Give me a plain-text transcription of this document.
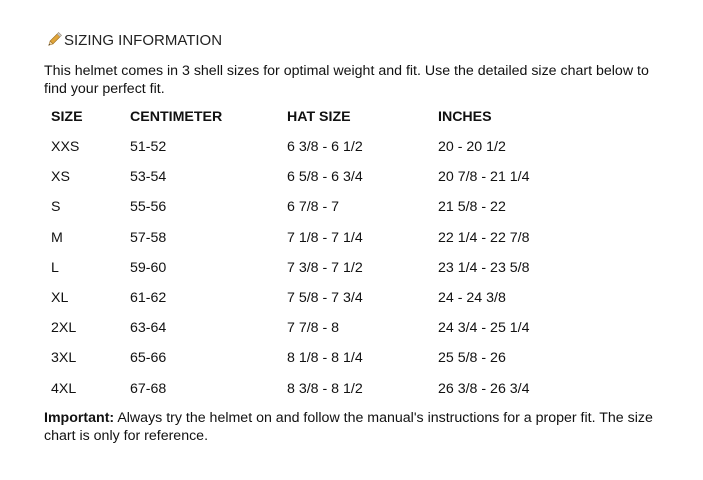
SIZING INFORMATION
This helmet comes in 3 shell sizes for optimal weight and fit. Use the detailed size chart below to find your perfect fit.
SIZE	CENTIMETER	HAT SIZE	INCHES
XXS	51-52	6 3/8 - 6 1/2	20 - 20 1/2
XS	53-54	6 5/8 - 6 3/4	20 7/8 - 21 1/4
S	55-56	6 7/8 - 7	21 5/8 - 22
M	57-58	7 1/8 - 7 1/4	22 1/4 - 22 7/8
L	59-60	7 3/8 - 7 1/2	23 1/4 - 23 5/8
XL	61-62	7 5/8 - 7 3/4	24 - 24 3/8
2XL	63-64	7 7/8 - 8	24 3/4 - 25 1/4
3XL	65-66	8 1/8 - 8 1/4	25 5/8 - 26
4XL	67-68	8 3/8 - 8 1/2	26 3/8 - 26 3/4
Important: Always try the helmet on and follow the manual's instructions for a proper fit. The size chart is only for reference.
